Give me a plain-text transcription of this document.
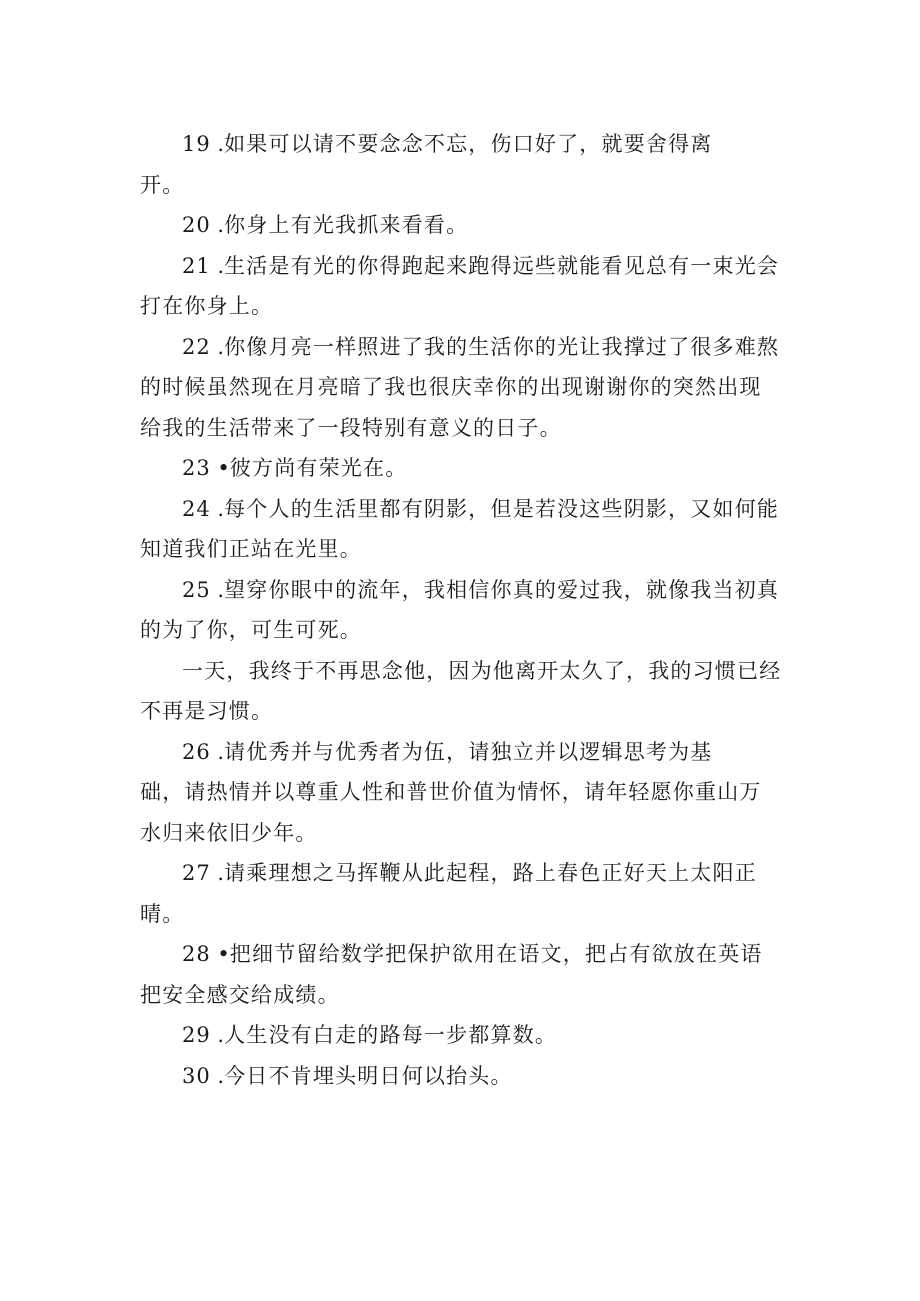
19 .如果可以请不要念念不忘，伤口好了，就要舍得离
开。

20 .你身上有光我抓来看看。

21 .生活是有光的你得跑起来跑得远些就能看见总有一束光会打在你身上。

22 .你像月亮一样照进了我的生活你的光让我撑过了很多难熬的时候虽然现在月亮暗了我也很庆幸你的出现谢谢你的突然出现给我的生活带来了一段特别有意义的日子。

23 •彼方尚有荣光在。

24 .每个人的生活里都有阴影，但是若没这些阴影，又如何能知道我们正站在光里。

25 .望穿你眼中的流年，我相信你真的爱过我，就像我当初真的为了你，可生可死。

一天，我终于不再思念他，因为他离开太久了，我的习惯已经不再是习惯。

26 .请优秀并与优秀者为伍，请独立并以逻辑思考为基
础，请热情并以尊重人性和普世价值为情怀，请年轻愿你重山万水归来依旧少年。

27 .请乘理想之马挥鞭从此起程，路上春色正好天上太阳正晴。

28 •把细节留给数学把保护欲用在语文，把占有欲放在英语把安全感交给成绩。

29 .人生没有白走的路每一步都算数。

30 .今日不肯埋头明日何以抬头。
